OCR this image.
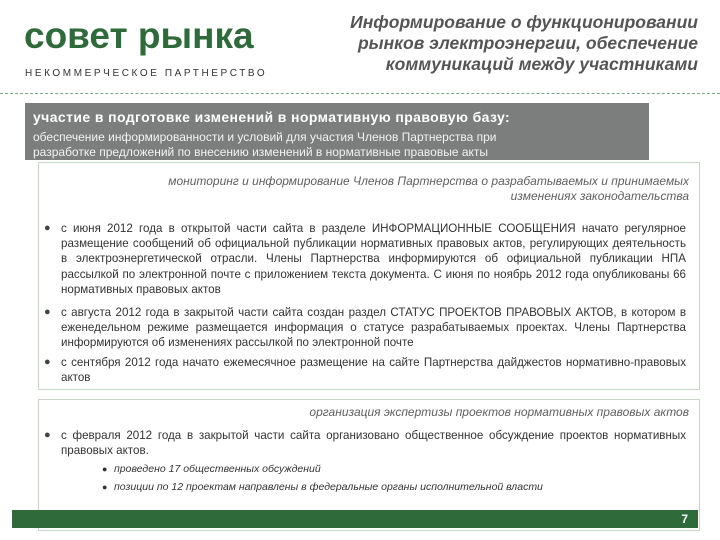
совет рынка
НЕКОММЕРЧЕСКОЕ ПАРТНЕРСТВО
Информирование о функционировании
рынков электроэнергии, обеспечение
коммуникаций между участниками
участие в подготовке изменений в нормативную правовую базу:
обеспечение информированности и условий для участия Членов Партнерства при
разработке предложений по внесению изменений в нормативные правовые акты
мониторинг и информирование Членов Партнерства о разрабатываемых и принимаемых
изменениях законодательства
● с июня 2012 года в открытой части сайта в разделе ИНФОРМАЦИОННЫЕ СООБЩЕНИЯ начато регулярное размещение сообщений об официальной публикации нормативных правовых актов, регулирующих деятельность в электроэнергетической отрасли. Члены Партнерства информируются об официальной публикации НПА рассылкой по электронной почте с приложением текста документа. С июня по ноябрь 2012 года опубликованы 66 нормативных правовых актов
● с августа 2012 года в закрытой части сайта создан раздел СТАТУС ПРОЕКТОВ ПРАВОВЫХ АКТОВ, в котором в еженедельном режиме размещается информация о статусе разрабатываемых проектах. Члены Партнерства информируются об изменениях рассылкой по электронной почте
● с сентября 2012 года начато ежемесячное размещение на сайте Партнерства дайджестов нормативно-правовых актов
организация экспертизы проектов нормативных правовых актов
● с февраля 2012 года в закрытой части сайта организовано общественное обсуждение проектов нормативных правовых актов.
● проведено 17 общественных обсуждений
● позиции по 12 проектам направлены в федеральные органы исполнительной власти
7
